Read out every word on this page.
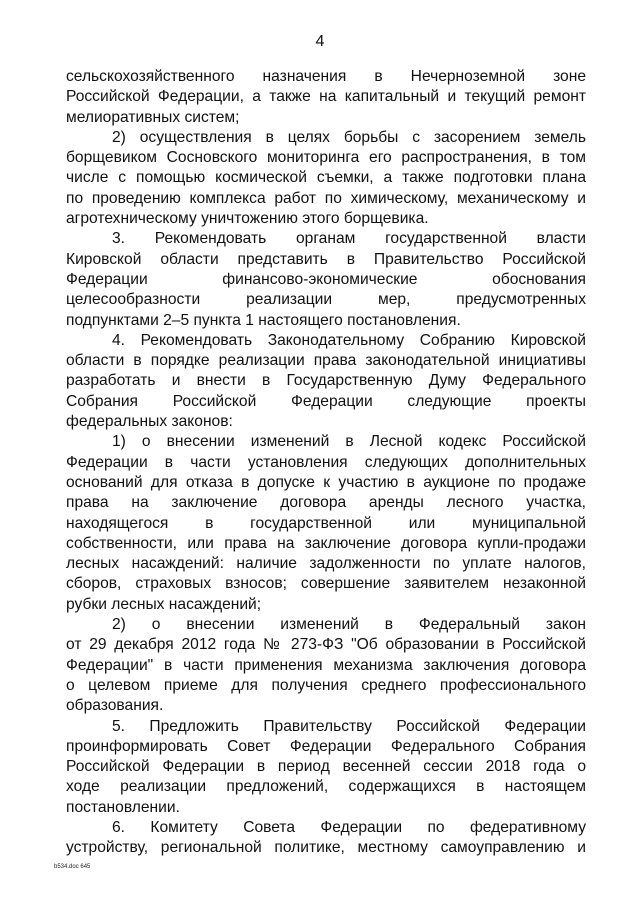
4
сельскохозяйственного назначения в Нечерноземной зоне
Российской Федерации, а также на капитальный и текущий ремонт
мелиоративных систем;
2) осуществления в целях борьбы с засорением земель
борщевиком Сосновского мониторинга его распространения, в том
числе с помощью космической съемки, а также подготовки плана
по проведению комплекса работ по химическому, механическому и
агротехническому уничтожению этого борщевика.
3. Рекомендовать органам государственной власти
Кировской области представить в Правительство Российской
Федерации финансово-экономические обоснования
целесообразности реализации мер, предусмотренных
подпунктами 2–5 пункта 1 настоящего постановления.
4. Рекомендовать Законодательному Собранию Кировской
области в порядке реализации права законодательной инициативы
разработать и внести в Государственную Думу Федерального
Собрания Российской Федерации следующие проекты
федеральных законов:
1) о внесении изменений в Лесной кодекс Российской
Федерации в части установления следующих дополнительных
оснований для отказа в допуске к участию в аукционе по продаже
права на заключение договора аренды лесного участка,
находящегося в государственной или муниципальной
собственности, или права на заключение договора купли-продажи
лесных насаждений: наличие задолженности по уплате налогов,
сборов, страховых взносов; совершение заявителем незаконной
рубки лесных насаждений;
2) о внесении изменений в Федеральный закон
от 29 декабря 2012 года № 273-ФЗ "Об образовании в Российской
Федерации" в части применения механизма заключения договора
о целевом приеме для получения среднего профессионального
образования.
5. Предложить Правительству Российской Федерации
проинформировать Совет Федерации Федерального Собрания
Российской Федерации в период весенней сессии 2018 года о
ходе реализации предложений, содержащихся в настоящем
постановлении.
6. Комитету Совета Федерации по федеративному
устройству, региональной политике, местному самоуправлению и
b534.doc 645
